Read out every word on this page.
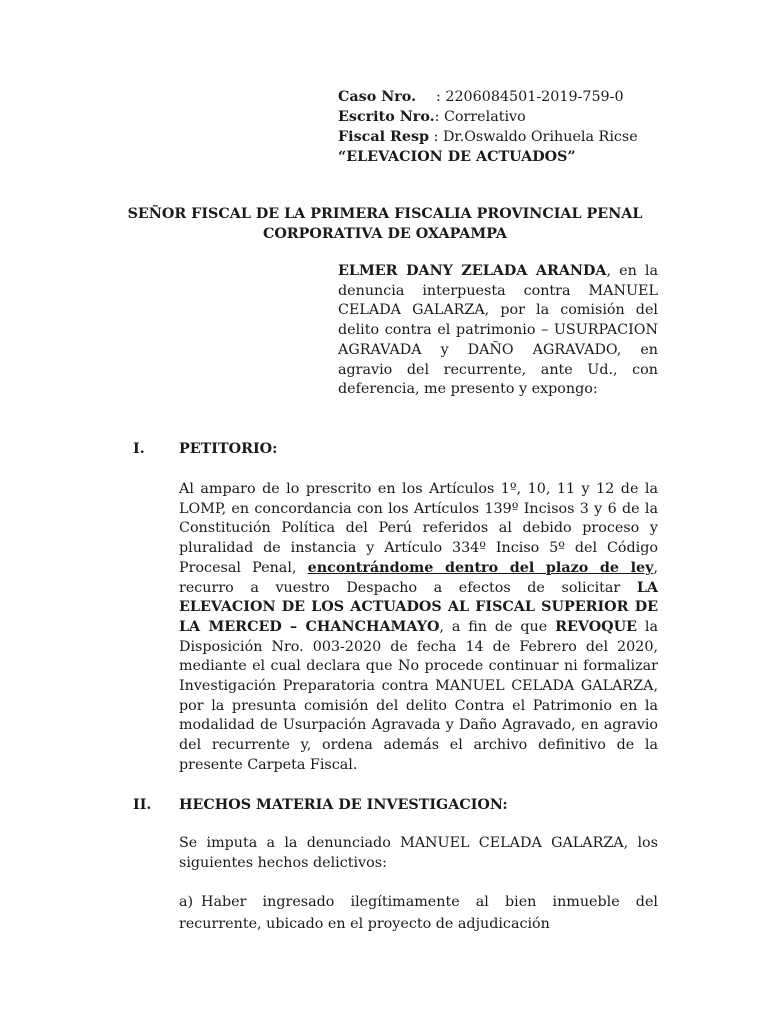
Caso Nro. : 2206084501-2019-759-0
Escrito Nro.: Correlativo
Fiscal Resp : Dr.Oswaldo Orihuela Ricse
“ELEVACION DE ACTUADOS”
SEÑOR FISCAL DE LA PRIMERA FISCALIA PROVINCIAL PENAL
CORPORATIVA DE OXAPAMPA
ELMER DANY ZELADA ARANDA, en la denuncia interpuesta contra MANUEL CELADA GALARZA, por la comisión del delito contra el patrimonio – USURPACION AGRAVADA y DAÑO AGRAVADO, en agravio del recurrente, ante Ud., con deferencia, me presento y expongo:
I. PETITORIO:
Al amparo de lo prescrito en los Artículos 1º, 10, 11 y 12 de la LOMP, en concordancia con los Artículos 139º Incisos 3 y 6 de la Constitución Política del Perú referidos al debido proceso y pluralidad de instancia y Artículo 334º Inciso 5º del Código Procesal Penal, encontrándome dentro del plazo de ley, recurro a vuestro Despacho a efectos de solicitar LA ELEVACION DE LOS ACTUADOS AL FISCAL SUPERIOR DE LA MERCED – CHANCHAMAYO, a fin de que REVOQUE la Disposición Nro. 003-2020 de fecha 14 de Febrero del 2020, mediante el cual declara que No procede continuar ni formalizar Investigación Preparatoria contra MANUEL CELADA GALARZA, por la presunta comisión del delito Contra el Patrimonio en la modalidad de Usurpación Agravada y Daño Agravado, en agravio del recurrente y, ordena además el archivo definitivo de la presente Carpeta Fiscal.
II. HECHOS MATERIA DE INVESTIGACION:
Se imputa a la denunciado MANUEL CELADA GALARZA, los siguientes hechos delictivos:
a) Haber ingresado ilegítimamente al bien inmueble del recurrente, ubicado en el proyecto de adjudicación
